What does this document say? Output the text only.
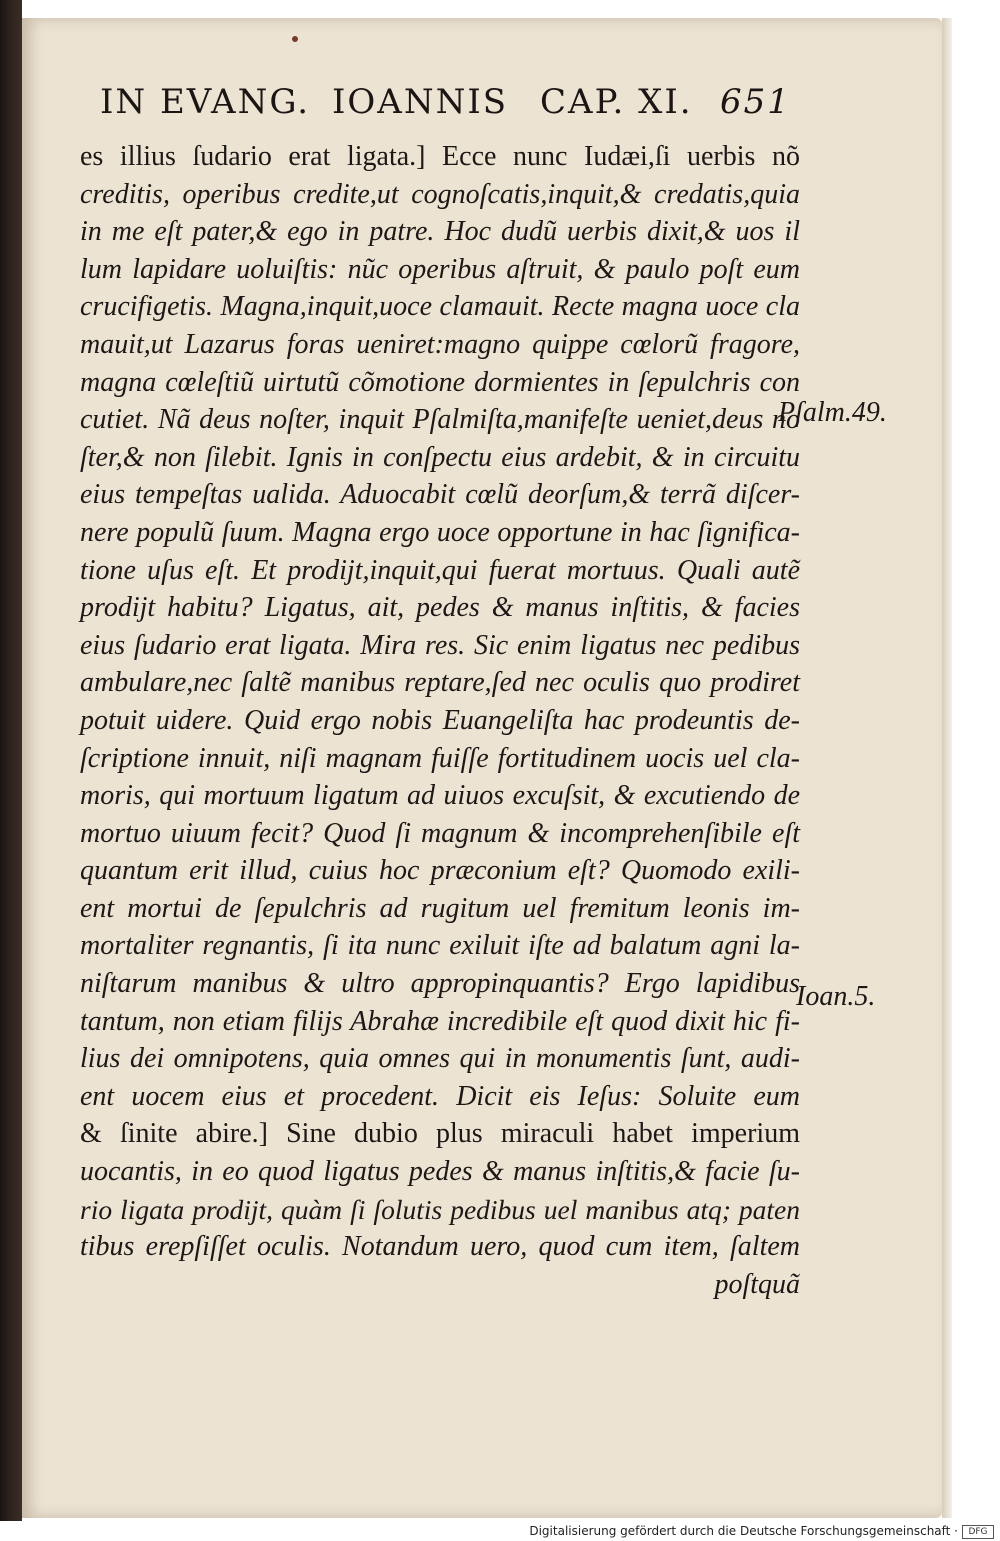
IN EVANG. IOANNIS CAP. XI. 651
es illius ſudario erat ligata.] Ecce nunc Iudæi,ſi uerbis nõ
creditis, operibus credite,ut cognoſcatis,inquit,& credatis,quia
in me eſt pater,& ego in patre. Hoc dudũ uerbis dixit,& uos il
lum lapidare uoluiſtis: nũc operibus aſtruit, & paulo poſt eum
crucifigetis. Magna,inquit,uoce clamauit. Recte magna uoce cla
mauit,ut Lazarus foras ueniret:magno quippe cœlorũ fragore,
magna cœleſtiũ uirtutũ cõmotione dormientes in ſepulchris con
cutiet. Nã deus noſter, inquit Pſalmiſta,manifeſte ueniet,deus no
ſter,& non ſilebit. Ignis in conſpectu eius ardebit, & in circuitu
eius tempeſtas ualida. Aduocabit cœlũ deorſum,& terrã diſcer-
nere populũ ſuum. Magna ergo uoce opportune in hac ſignifica-
tione uſus eſt. Et prodijt,inquit,qui fuerat mortuus. Quali autẽ
prodijt habitu? Ligatus, ait, pedes & manus inſtitis, & facies
eius ſudario erat ligata. Mira res. Sic enim ligatus nec pedibus
ambulare,nec ſaltẽ manibus reptare,ſed nec oculis quo prodiret
potuit uidere. Quid ergo nobis Euangeliſta hac prodeuntis de-
ſcriptione innuit, niſi magnam fuiſſe fortitudinem uocis uel cla-
moris, qui mortuum ligatum ad uiuos excuſsit, & excutiendo de
mortuo uiuum fecit? Quod ſi magnum & incomprehenſibile eſt
quantum erit illud, cuius hoc præconium eſt? Quomodo exili-
ent mortui de ſepulchris ad rugitum uel fremitum leonis im-
mortaliter regnantis, ſi ita nunc exiluit iſte ad balatum agni la-
niſtarum manibus & ultro appropinquantis? Ergo lapidibus
tantum, non etiam filijs Abrahæ incredibile eſt quod dixit hic fi-
lius dei omnipotens, quia omnes qui in monumentis ſunt, audi-
ent uocem eius et procedent. Dicit eis Ieſus: Soluite eum
& ſinite abire.] Sine dubio plus miraculi habet imperium
uocantis, in eo quod ligatus pedes & manus inſtitis,& facie ſu-
rio ligata prodijt, quàm ſi ſolutis pedibus uel manibus atq; paten
tibus erepſiſſet oculis. Notandum uero, quod cum item, ſaltem
poſtquã
Pſalm.49.
Ioan.5.
Digitalisierung gefördert durch die Deutsche Forschungsgemeinschaft ·	DFG
